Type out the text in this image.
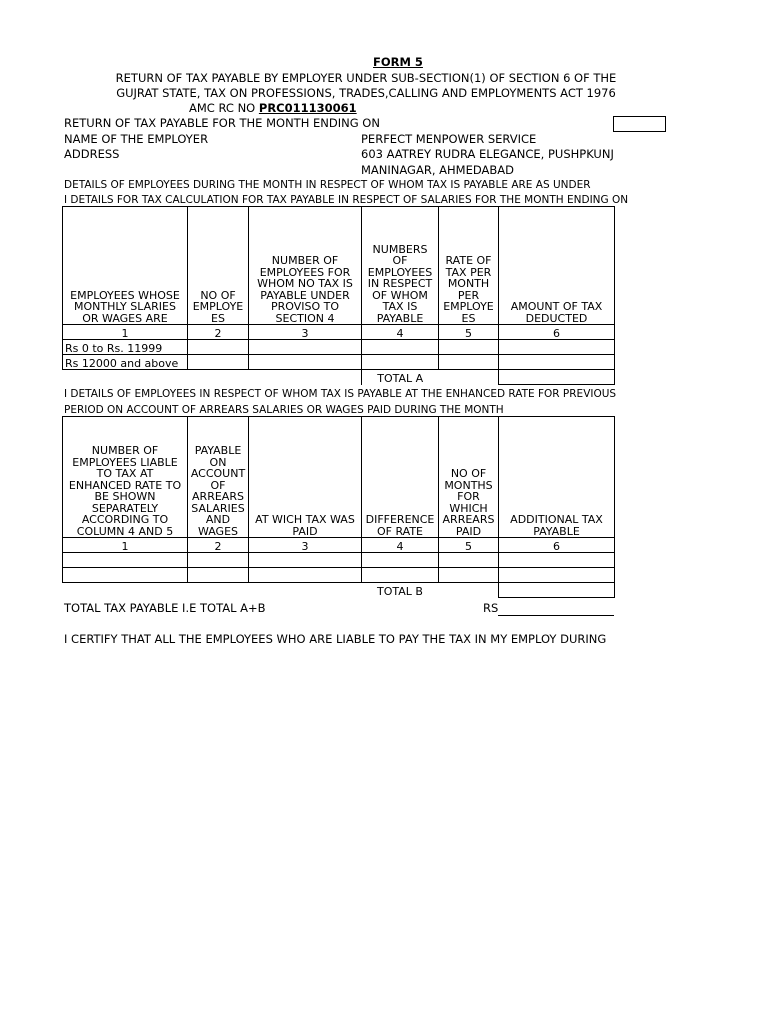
FORM 5
RETURN OF TAX PAYABLE BY EMPLOYER UNDER SUB-SECTION(1) OF SECTION 6 OF THE
GUJRAT STATE, TAX ON PROFESSIONS, TRADES,CALLING AND EMPLOYMENTS ACT 1976
AMC RC NO PRC011130061
RETURN OF TAX PAYABLE FOR THE MONTH ENDING ON
NAME OF THE EMPLOYER	PERFECT MENPOWER SERVICE
ADDRESS	603 AATREY RUDRA ELEGANCE, PUSHPKUNJ
MANINAGAR, AHMEDABAD
DETAILS OF EMPLOYEES DURING THE MONTH IN RESPECT OF WHOM TAX IS PAYABLE ARE AS UNDER
I DETAILS FOR TAX CALCULATION FOR TAX PAYABLE IN RESPECT OF SALARIES FOR THE MONTH ENDING ON
EMPLOYEES WHOSE MONTHLY SLARIES OR WAGES ARE	NO OF EMPLOYE ES	NUMBER OF EMPLOYEES FOR WHOM NO TAX IS PAYABLE UNDER PROVISO TO SECTION 4	NUMBERS OF EMPLOYEES IN RESPECT OF WHOM TAX IS PAYABLE	RATE OF TAX PER MONTH PER EMPLOYE ES	AMOUNT OF TAX DEDUCTED
1	2	3	4	5	6
Rs 0 to Rs. 11999					
Rs 12000 and above					
			TOTAL A		
I DETAILS OF EMPLOYEES IN RESPECT OF WHOM TAX IS PAYABLE AT THE ENHANCED RATE FOR PREVIOUS
PERIOD ON ACCOUNT OF ARREARS SALARIES OR WAGES PAID DURING THE MONTH
NUMBER OF EMPLOYEES LIABLE TO TAX AT ENHANCED RATE TO BE SHOWN SEPARATELY ACCORDING TO COLUMN 4 AND 5	PAYABLE ON ACCOUNT OF ARREARS SALARIES AND WAGES	AT WICH TAX WAS PAID	DIFFERENCE OF RATE	NO OF MONTHS FOR WHICH ARREARS PAID	ADDITIONAL TAX PAYABLE
1	2	3	4	5	6

			TOTAL B		
TOTAL TAX PAYABLE I.E TOTAL A+B	RS
I CERTIFY THAT ALL THE EMPLOYEES WHO ARE LIABLE TO PAY THE TAX IN MY EMPLOY DURING
